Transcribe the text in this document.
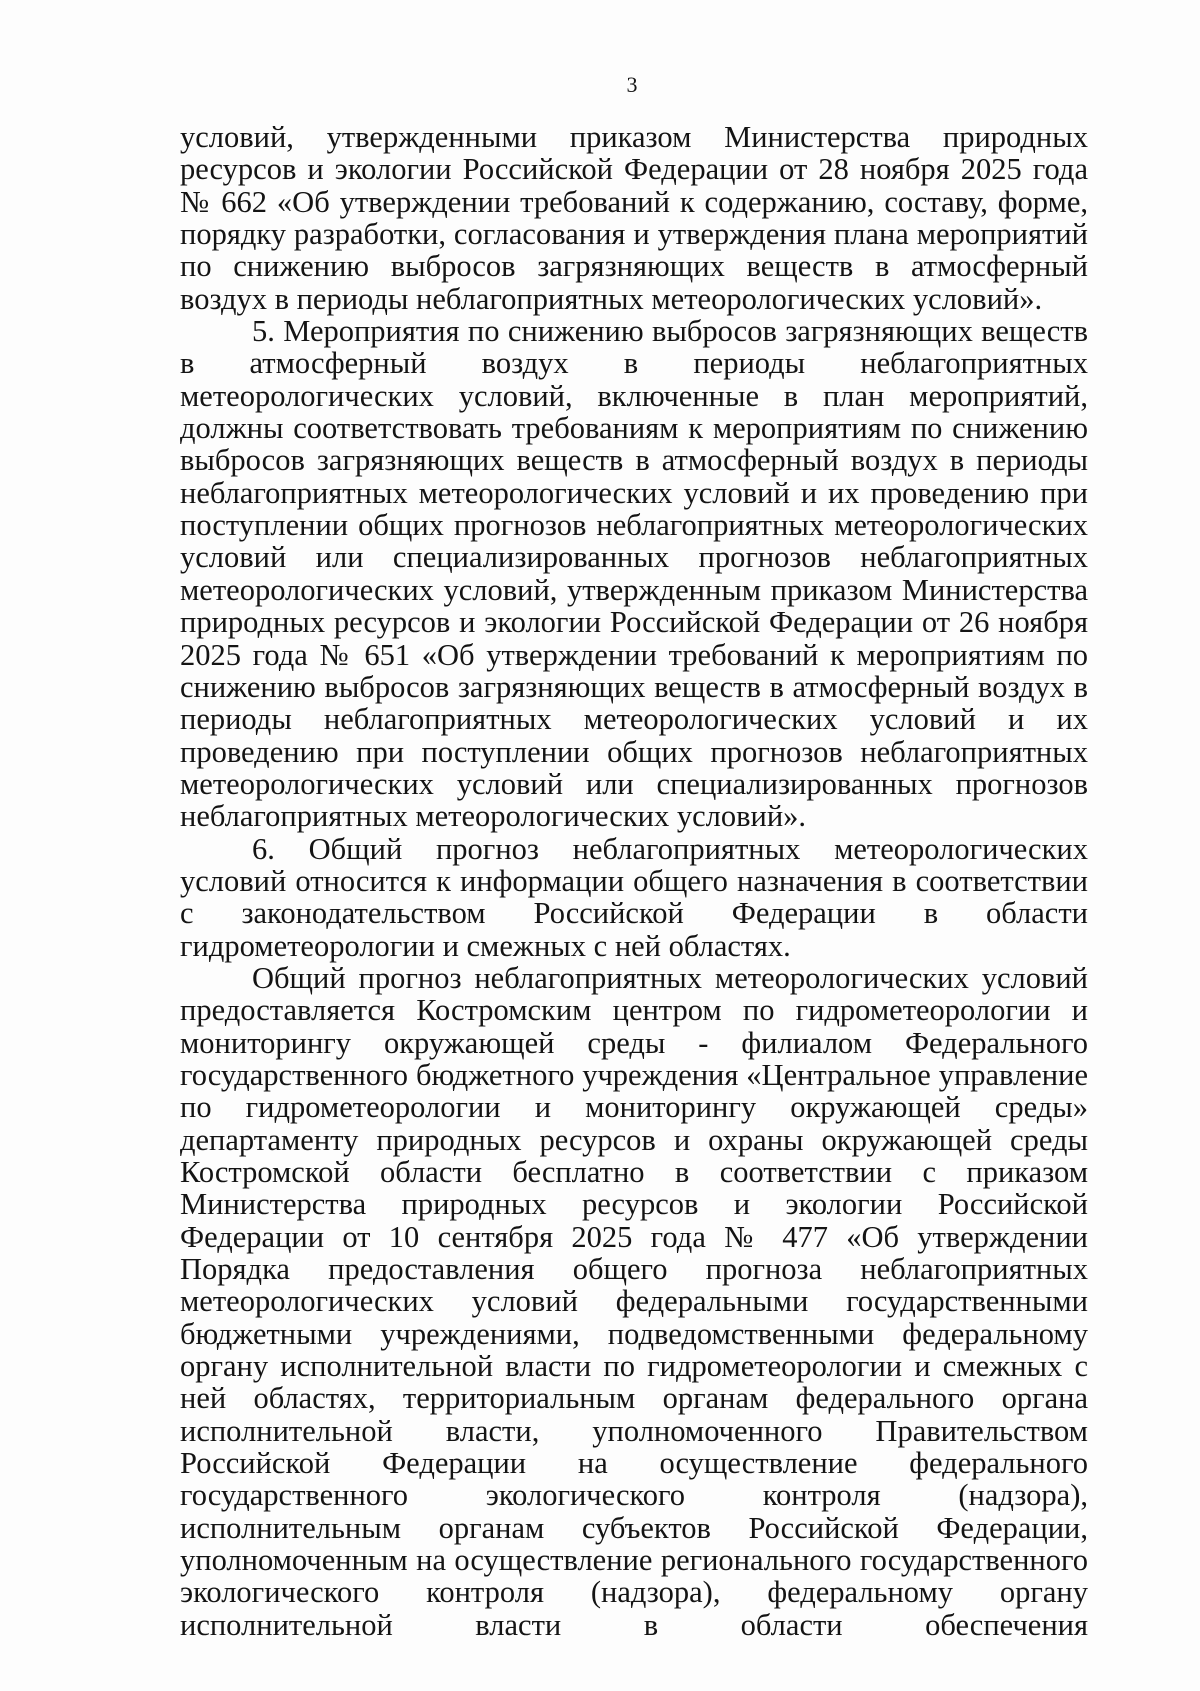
3

условий, утвержденными приказом Министерства природных ресурсов и экологии Российской Федерации от 28 ноября 2025 года № 662 «Об утверждении требований к содержанию, составу, форме, порядку разработки, согласования и утверждения плана мероприятий по снижению выбросов загрязняющих веществ в атмосферный воздух в периоды неблагоприятных метеорологических условий».

5. Мероприятия по снижению выбросов загрязняющих веществ в атмосферный воздух в периоды неблагоприятных метеорологических условий, включенные в план мероприятий, должны соответствовать требованиям к мероприятиям по снижению выбросов загрязняющих веществ в атмосферный воздух в периоды неблагоприятных метеорологических условий и их проведению при поступлении общих прогнозов неблагоприятных метеорологических условий или специализированных прогнозов неблагоприятных метеорологических условий, утвержденным приказом Министерства природных ресурсов и экологии Российской Федерации от 26 ноября 2025 года № 651 «Об утверждении требований к мероприятиям по снижению выбросов загрязняющих веществ в атмосферный воздух в периоды неблагоприятных метеорологических условий и их проведению при поступлении общих прогнозов неблагоприятных метеорологических условий или специализированных прогнозов неблагоприятных метеорологических условий».

6. Общий прогноз неблагоприятных метеорологических условий относится к информации общего назначения в соответствии с законодательством Российской Федерации в области гидрометеорологии и смежных с ней областях.

Общий прогноз неблагоприятных метеорологических условий предоставляется Костромским центром по гидрометеорологии и мониторингу окружающей среды - филиалом Федерального государственного бюджетного учреждения «Центральное управление по гидрометеорологии и мониторингу окружающей среды» департаменту природных ресурсов и охраны окружающей среды Костромской области бесплатно в соответствии с приказом Министерства природных ресурсов и экологии Российской Федерации от 10 сентября 2025 года № 477 «Об утверждении Порядка предоставления общего прогноза неблагоприятных метеорологических условий федеральными государственными бюджетными учреждениями, подведомственными федеральному органу исполнительной власти по гидрометеорологии и смежных с ней областях, территориальным органам федерального органа исполнительной власти, уполномоченного Правительством Российской Федерации на осуществление федерального государственного экологического контроля (надзора), исполнительным органам субъектов Российской Федерации, уполномоченным на осуществление регионального государственного экологического контроля (надзора), федеральному органу исполнительной власти в области обеспечения
